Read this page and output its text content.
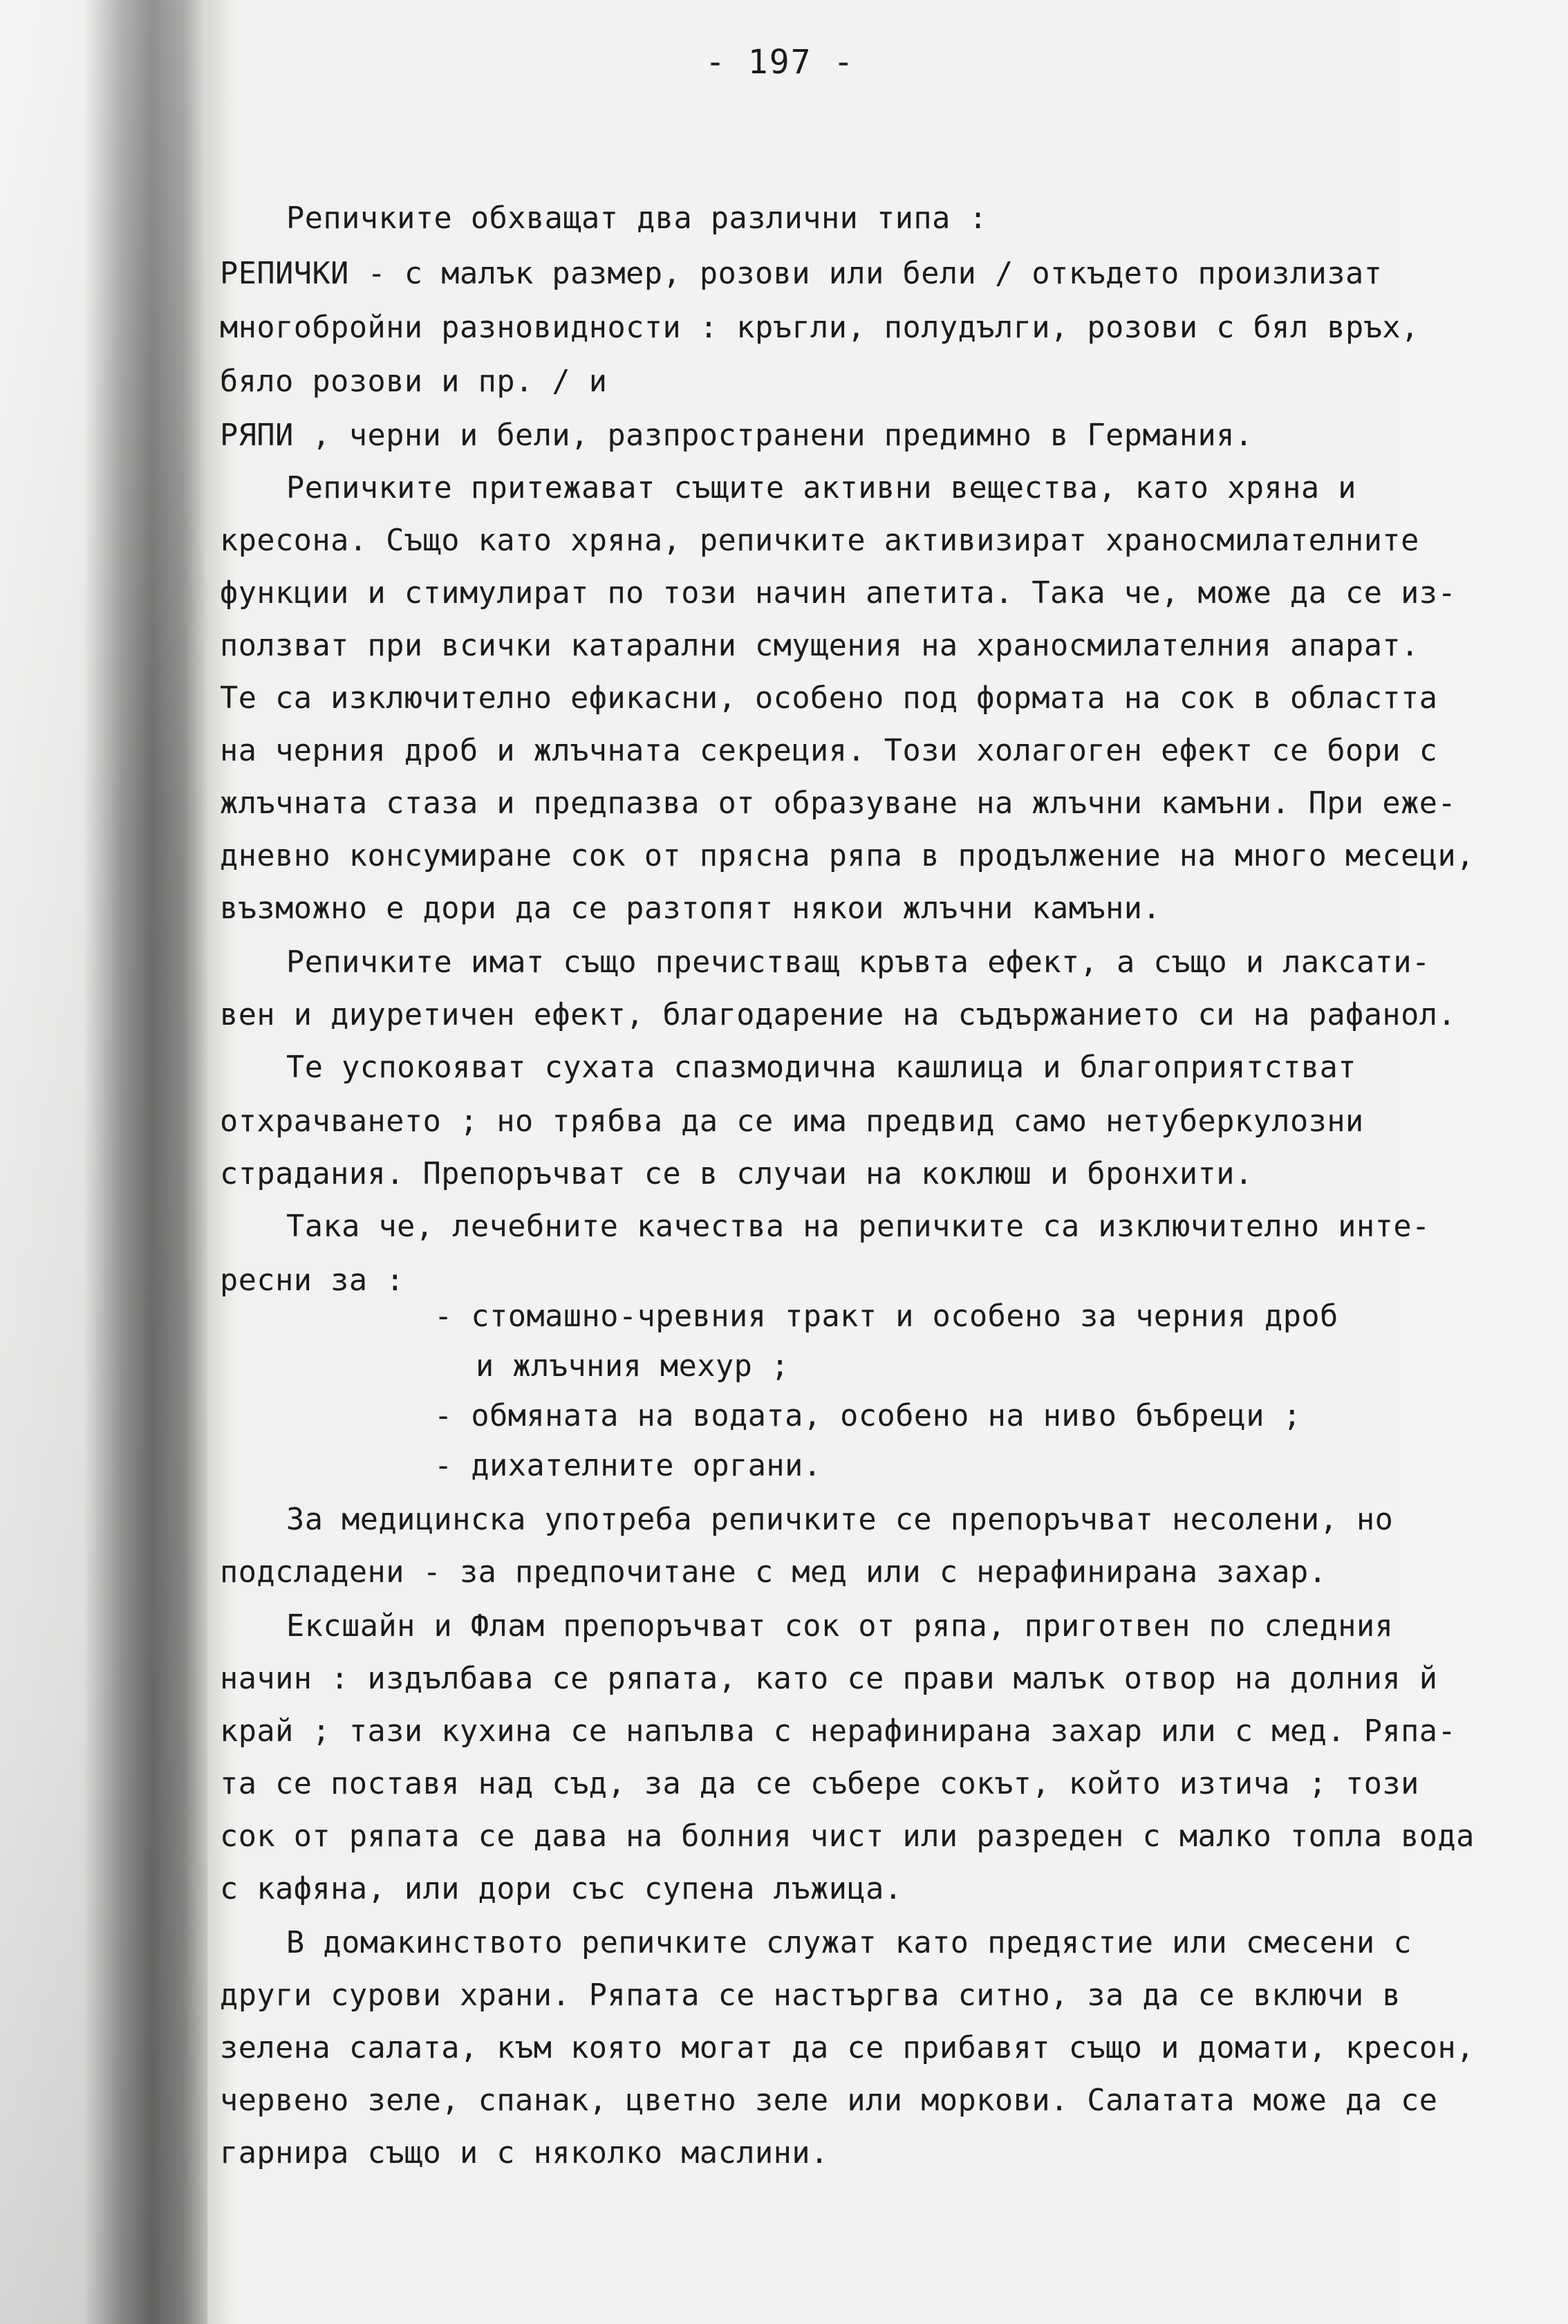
- 197 -
Репичките обхващат два различни типа :
РЕПИЧКИ - с малък размер, розови или бели / откъдето произлизат
многобройни разновидности : кръгли, полудълги, розови с бял връх,
бяло розови и пр. / и
РЯПИ , черни и бели, разпространени предимно в Германия.
Репичките притежават същите активни вещества, като хряна и
кресона. Също като хряна, репичките активизират храносмилателните
функции и стимулират по този начин апетита. Така че, може да се из-
ползват при всички катарални смущения на храносмилателния апарат.
Те са изключително ефикасни, особено под формата на сок в областта
на черния дроб и жлъчната секреция. Този холагоген ефект се бори с
жлъчната стаза и предпазва от образуване на жлъчни камъни. При еже-
дневно консумиране сок от прясна ряпа в продължение на много месеци,
възможно е дори да се разтопят някои жлъчни камъни.
Репичките имат също пречистващ кръвта ефект, а също и лаксати-
вен и диуретичен ефект, благодарение на съдържанието си на рафанол.
Те успокояват сухата спазмодична кашлица и благоприятстват
отхрачването ; но трябва да се има предвид само нетуберкулозни
страдания. Препоръчват се в случаи на коклюш и бронхити.
Така че, лечебните качества на репичките са изключително инте-
ресни за :
- стомашно-чревния тракт и особено за черния дроб
и жлъчния мехур ;
- обмяната на водата, особено на ниво бъбреци ;
- дихателните органи.
За медицинска употреба репичките се препоръчват несолени, но
подсладени - за предпочитане с мед или с нерафинирана захар.
Ексшайн и Флам препоръчват сок от ряпа, приготвен по следния
начин : издълбава се ряпата, като се прави малък отвор на долния й
край ; тази кухина се напълва с нерафинирана захар или с мед. Ряпа-
та се поставя над съд, за да се събере сокът, който изтича ; този
сок от ряпата се дава на болния чист или разреден с малко топла вода
с кафяна, или дори със супена лъжица.
В домакинството репичките служат като предястие или смесени с
други сурови храни. Ряпата се настъргва ситно, за да се включи в
зелена салата, към която могат да се прибавят също и домати, кресон,
червено зеле, спанак, цветно зеле или моркови. Салатата може да се
гарнира също и с няколко маслини.
